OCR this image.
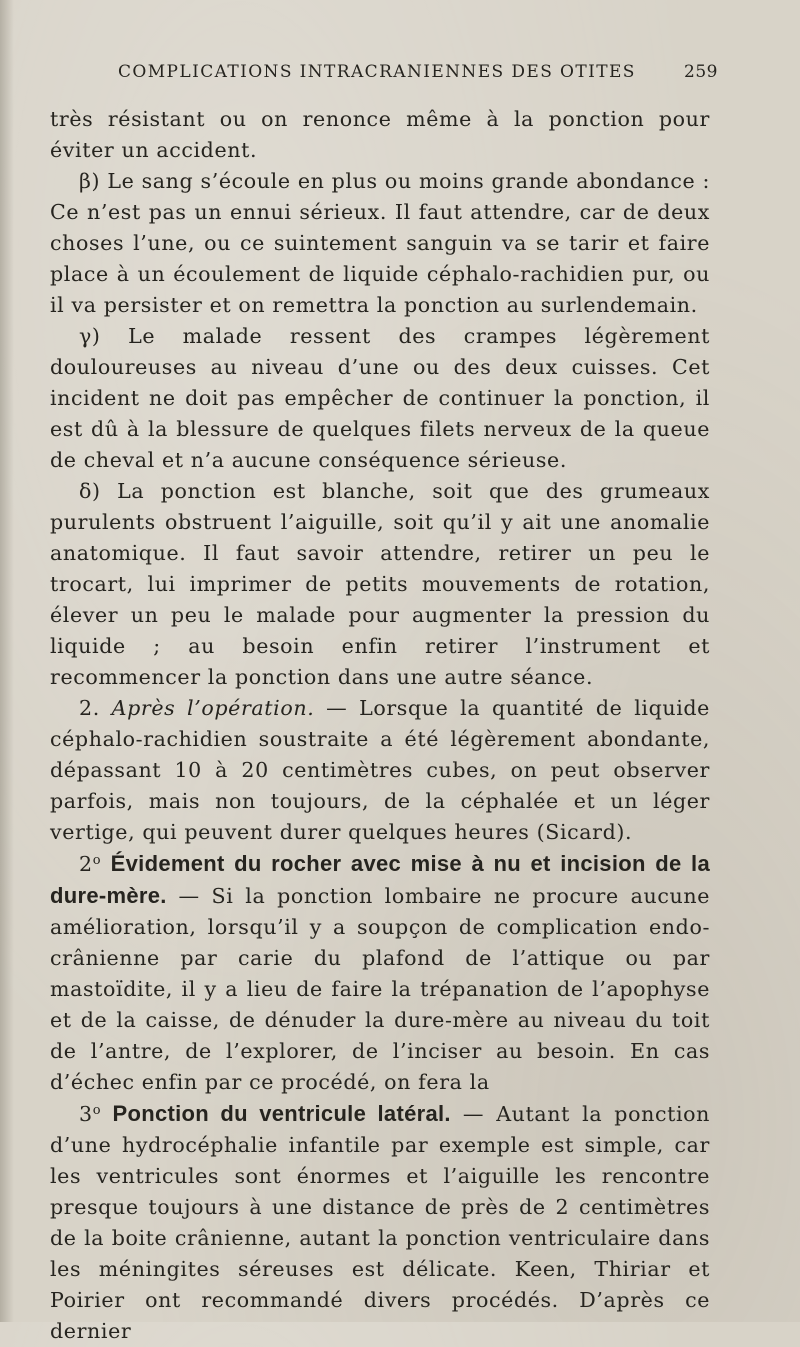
COMPLICATIONS INTRACRANIENNES DES OTITES	259

très résistant ou on renonce même à la ponction pour éviter un accident.

β) Le sang s’écoule en plus ou moins grande abondance : Ce n’est pas un ennui sérieux. Il faut attendre, car de deux choses l’une, ou ce suintement sanguin va se tarir et faire place à un écoulement de liquide céphalo-rachidien pur, ou il va persister et on remettra la ponction au surlendemain.

γ) Le malade ressent des crampes légèrement douloureuses au niveau d’une ou des deux cuisses. Cet incident ne doit pas empêcher de continuer la ponction, il est dû à la blessure de quelques filets nerveux de la queue de cheval et n’a aucune conséquence sérieuse.

δ) La ponction est blanche, soit que des grumeaux purulents obstruent l’aiguille, soit qu’il y ait une anomalie anatomique. Il faut savoir attendre, retirer un peu le trocart, lui imprimer de petits mouvements de rotation, élever un peu le malade pour augmenter la pression du liquide ; au besoin enfin retirer l’instrument et recommencer la ponction dans une autre séance.

2. Après l’opération. — Lorsque la quantité de liquide céphalo-rachidien soustraite a été légèrement abondante, dépassant 10 à 20 centimètres cubes, on peut observer parfois, mais non toujours, de la céphalée et un léger vertige, qui peuvent durer quelques heures (Sicard).

2$^o$ Évidement du rocher avec mise à nu et incision de la dure-mère. — Si la ponction lombaire ne procure aucune amélioration, lorsqu’il y a soupçon de complication endo-crânienne par carie du plafond de l’attique ou par mastoïdite, il y a lieu de faire la trépanation de l’apophyse et de la caisse, de dénuder la dure-mère au niveau du toit de l’antre, de l’explorer, de l’inciser au besoin. En cas d’échec enfin par ce procédé, on fera la

3$^o$ Ponction du ventricule latéral. — Autant la ponction d’une hydrocéphalie infantile par exemple est simple, car les ventricules sont énormes et l’aiguille les rencontre presque toujours à une distance de près de 2 centimètres de la boite crânienne, autant la ponction ventriculaire dans les méningites séreuses est délicate. Keen, Thiriar et Poirier ont recommandé divers procédés. D’après ce dernier
